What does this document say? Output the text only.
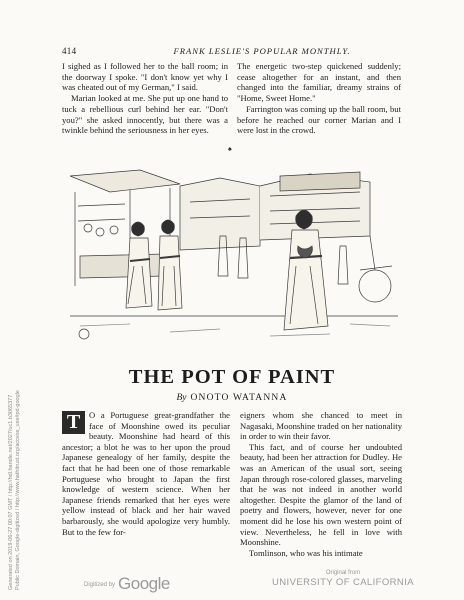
414	FRANK LESLIE'S POPULAR MONTHLY.

I sighed as I followed her to the ball room; in the doorway I spoke. "I don't know yet why I was cheated out of my German," I said.

Marian looked at me. She put up one hand to tuck a rebellious curl behind her ear. "Don't you?" she asked innocently, but there was a twinkle behind the seriousness in her eyes.

The energetic two-step quickened suddenly; cease altogether for an instant, and then changed into the familiar, dreamy strains of "Home, Sweet Home."

Farrington was coming up the ball room, but before he reached our corner Marian and I were lost in the crowd.

♠
THE POT OF PAINT
By ONOTO WATANNA
T	O a Portuguese great-grandfather the face of Moonshine owed its peculiar beauty. Moonshine had heard of this ancestor; a blot he was to her upon the proud Japanese genealogy of her family, despite the fact that he had been one of those remarkable Portuguese who brought to Japan the first knowledge of western science. When her Japanese friends remarked that her eyes were yellow instead of black and her hair waved barbarously, she would apologize very humbly. But to the few for-

eigners whom she chanced to meet in Nagasaki, Moonshine traded on her nationality in order to win their favor.

This fact, and of course her undoubted beauty, had been her attraction for Dudley. He was an American of the usual sort, seeing Japan through rose-colored glasses, marveling that he was not indeed in another world altogether. Despite the glamor of the land of poetry and flowers, however, never for one moment did he lose his own western point of view. Nevertheless, he fell in love with Moonshine.

Tomlinson, who was his intimate

Generated on 2019-06-27 00:07 GMT / http://hdl.handle.net/2027/uc1.b3065377 Public Domain, Google-digitized / http://www.hathitrust.org/access_use#pd-google	Digitized by Google
Original from
UNIVERSITY OF CALIFORNIA
